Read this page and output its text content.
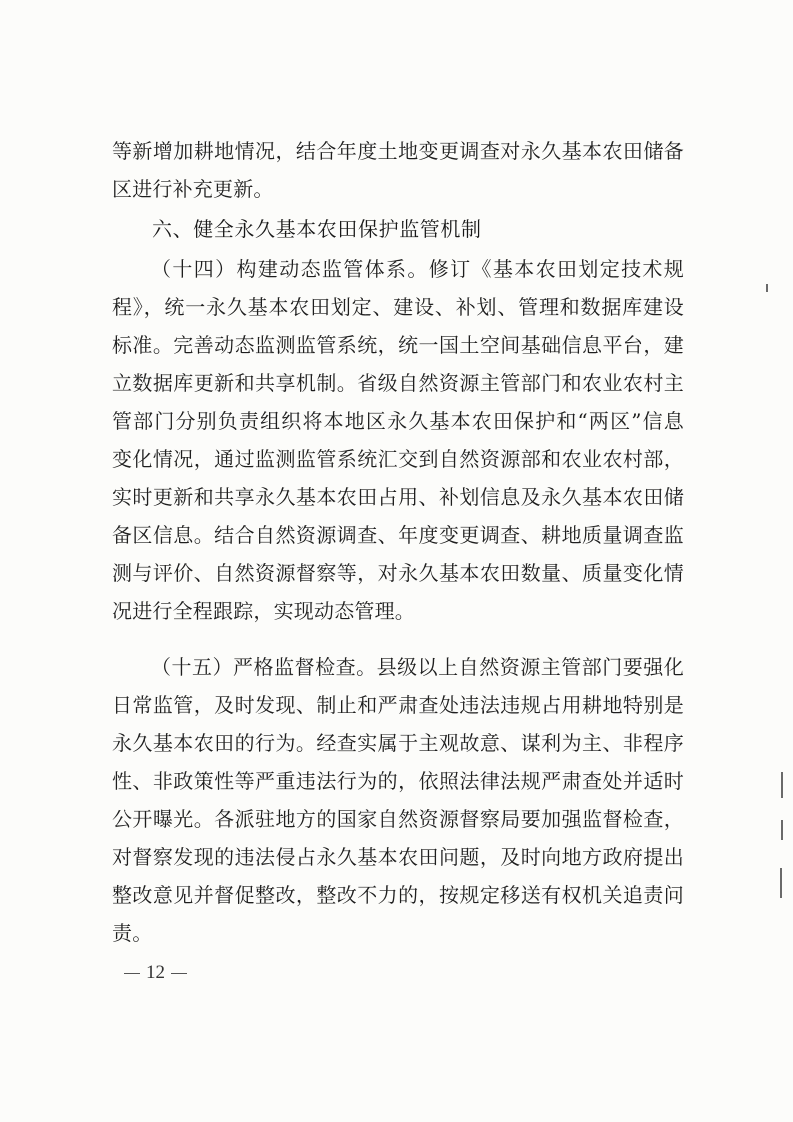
等新增加耕地情况，结合年度土地变更调查对永久基本农田储备
区进行补充更新。
六、健全永久基本农田保护监管机制
（十四）构建动态监管体系。修订《基本农田划定技术规
程》，统一永久基本农田划定、建设、补划、管理和数据库建设
标准。完善动态监测监管系统，统一国土空间基础信息平台，建
立数据库更新和共享机制。省级自然资源主管部门和农业农村主
管部门分别负责组织将本地区永久基本农田保护和“两区”信息
变化情况，通过监测监管系统汇交到自然资源部和农业农村部，
实时更新和共享永久基本农田占用、补划信息及永久基本农田储
备区信息。结合自然资源调查、年度变更调查、耕地质量调查监
测与评价、自然资源督察等，对永久基本农田数量、质量变化情
况进行全程跟踪，实现动态管理。
（十五）严格监督检查。县级以上自然资源主管部门要强化
日常监管，及时发现、制止和严肃查处违法违规占用耕地特别是
永久基本农田的行为。经查实属于主观故意、谋利为主、非程序
性、非政策性等严重违法行为的，依照法律法规严肃查处并适时
公开曝光。各派驻地方的国家自然资源督察局要加强监督检查，
对督察发现的违法侵占永久基本农田问题，及时向地方政府提出
整改意见并督促整改，整改不力的，按规定移送有权机关追责问
责。
12
